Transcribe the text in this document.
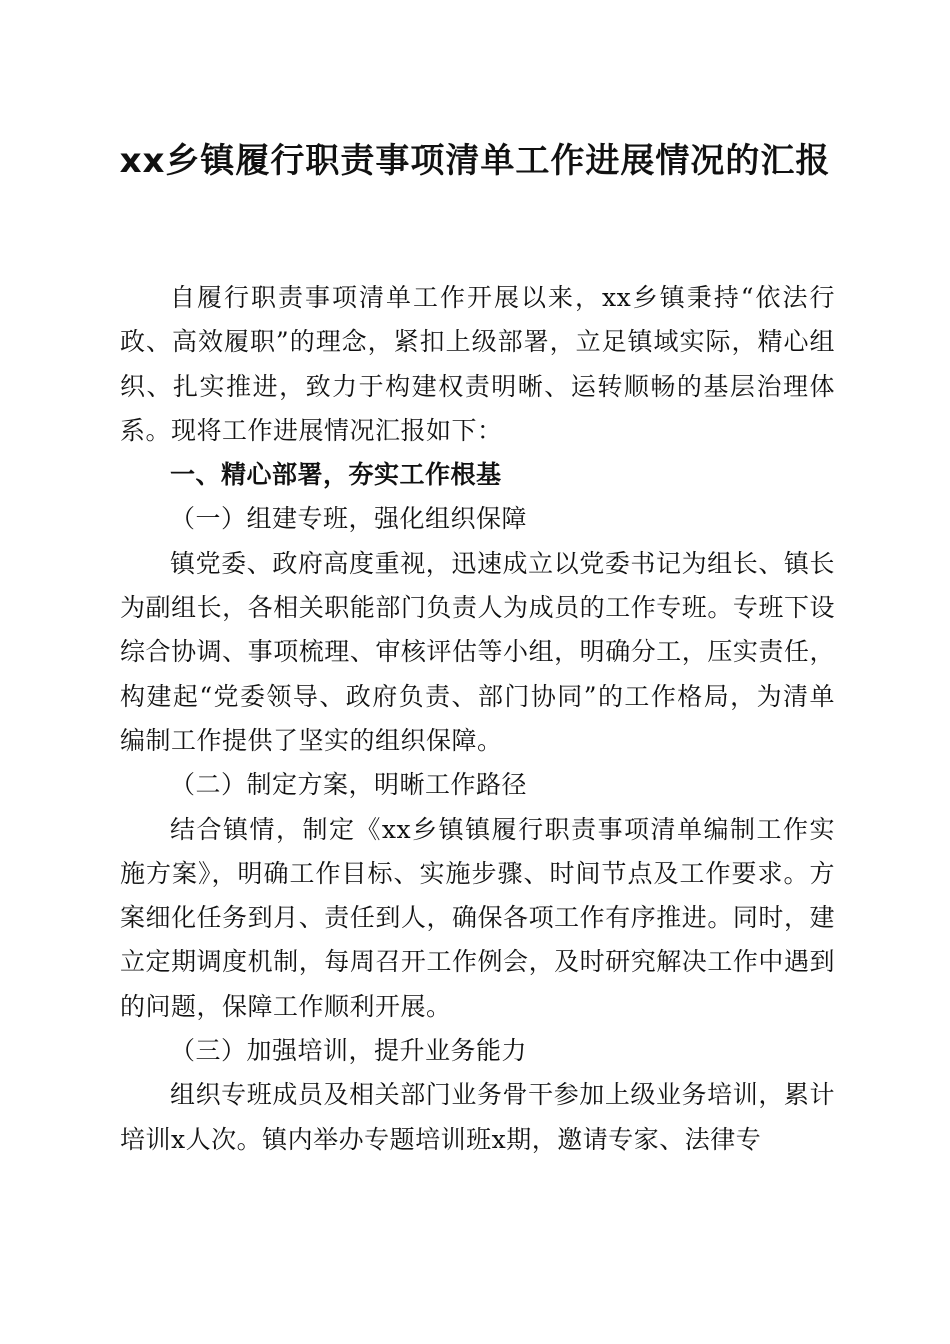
xx乡镇履行职责事项清单工作进展情况的汇报

自履行职责事项清单工作开展以来，xx乡镇秉持“依法行政、高效履职”的理念，紧扣上级部署，立足镇域实际，精心组织、扎实推进，致力于构建权责明晰、运转顺畅的基层治理体系。现将工作进展情况汇报如下：

一、精心部署，夯实工作根基

（一）组建专班，强化组织保障

镇党委、政府高度重视，迅速成立以党委书记为组长、镇长为副组长，各相关职能部门负责人为成员的工作专班。专班下设综合协调、事项梳理、审核评估等小组，明确分工，压实责任，构建起“党委领导、政府负责、部门协同”的工作格局，为清单编制工作提供了坚实的组织保障。

（二）制定方案，明晰工作路径

结合镇情，制定《xx乡镇镇履行职责事项清单编制工作实施方案》，明确工作目标、实施步骤、时间节点及工作要求。方案细化任务到月、责任到人，确保各项工作有序推进。同时，建立定期调度机制，每周召开工作例会，及时研究解决工作中遇到的问题，保障工作顺利开展。

（三）加强培训，提升业务能力

组织专班成员及相关部门业务骨干参加上级业务培训，累计培训x人次。镇内举办专题培训班x期，邀请专家、法律专
